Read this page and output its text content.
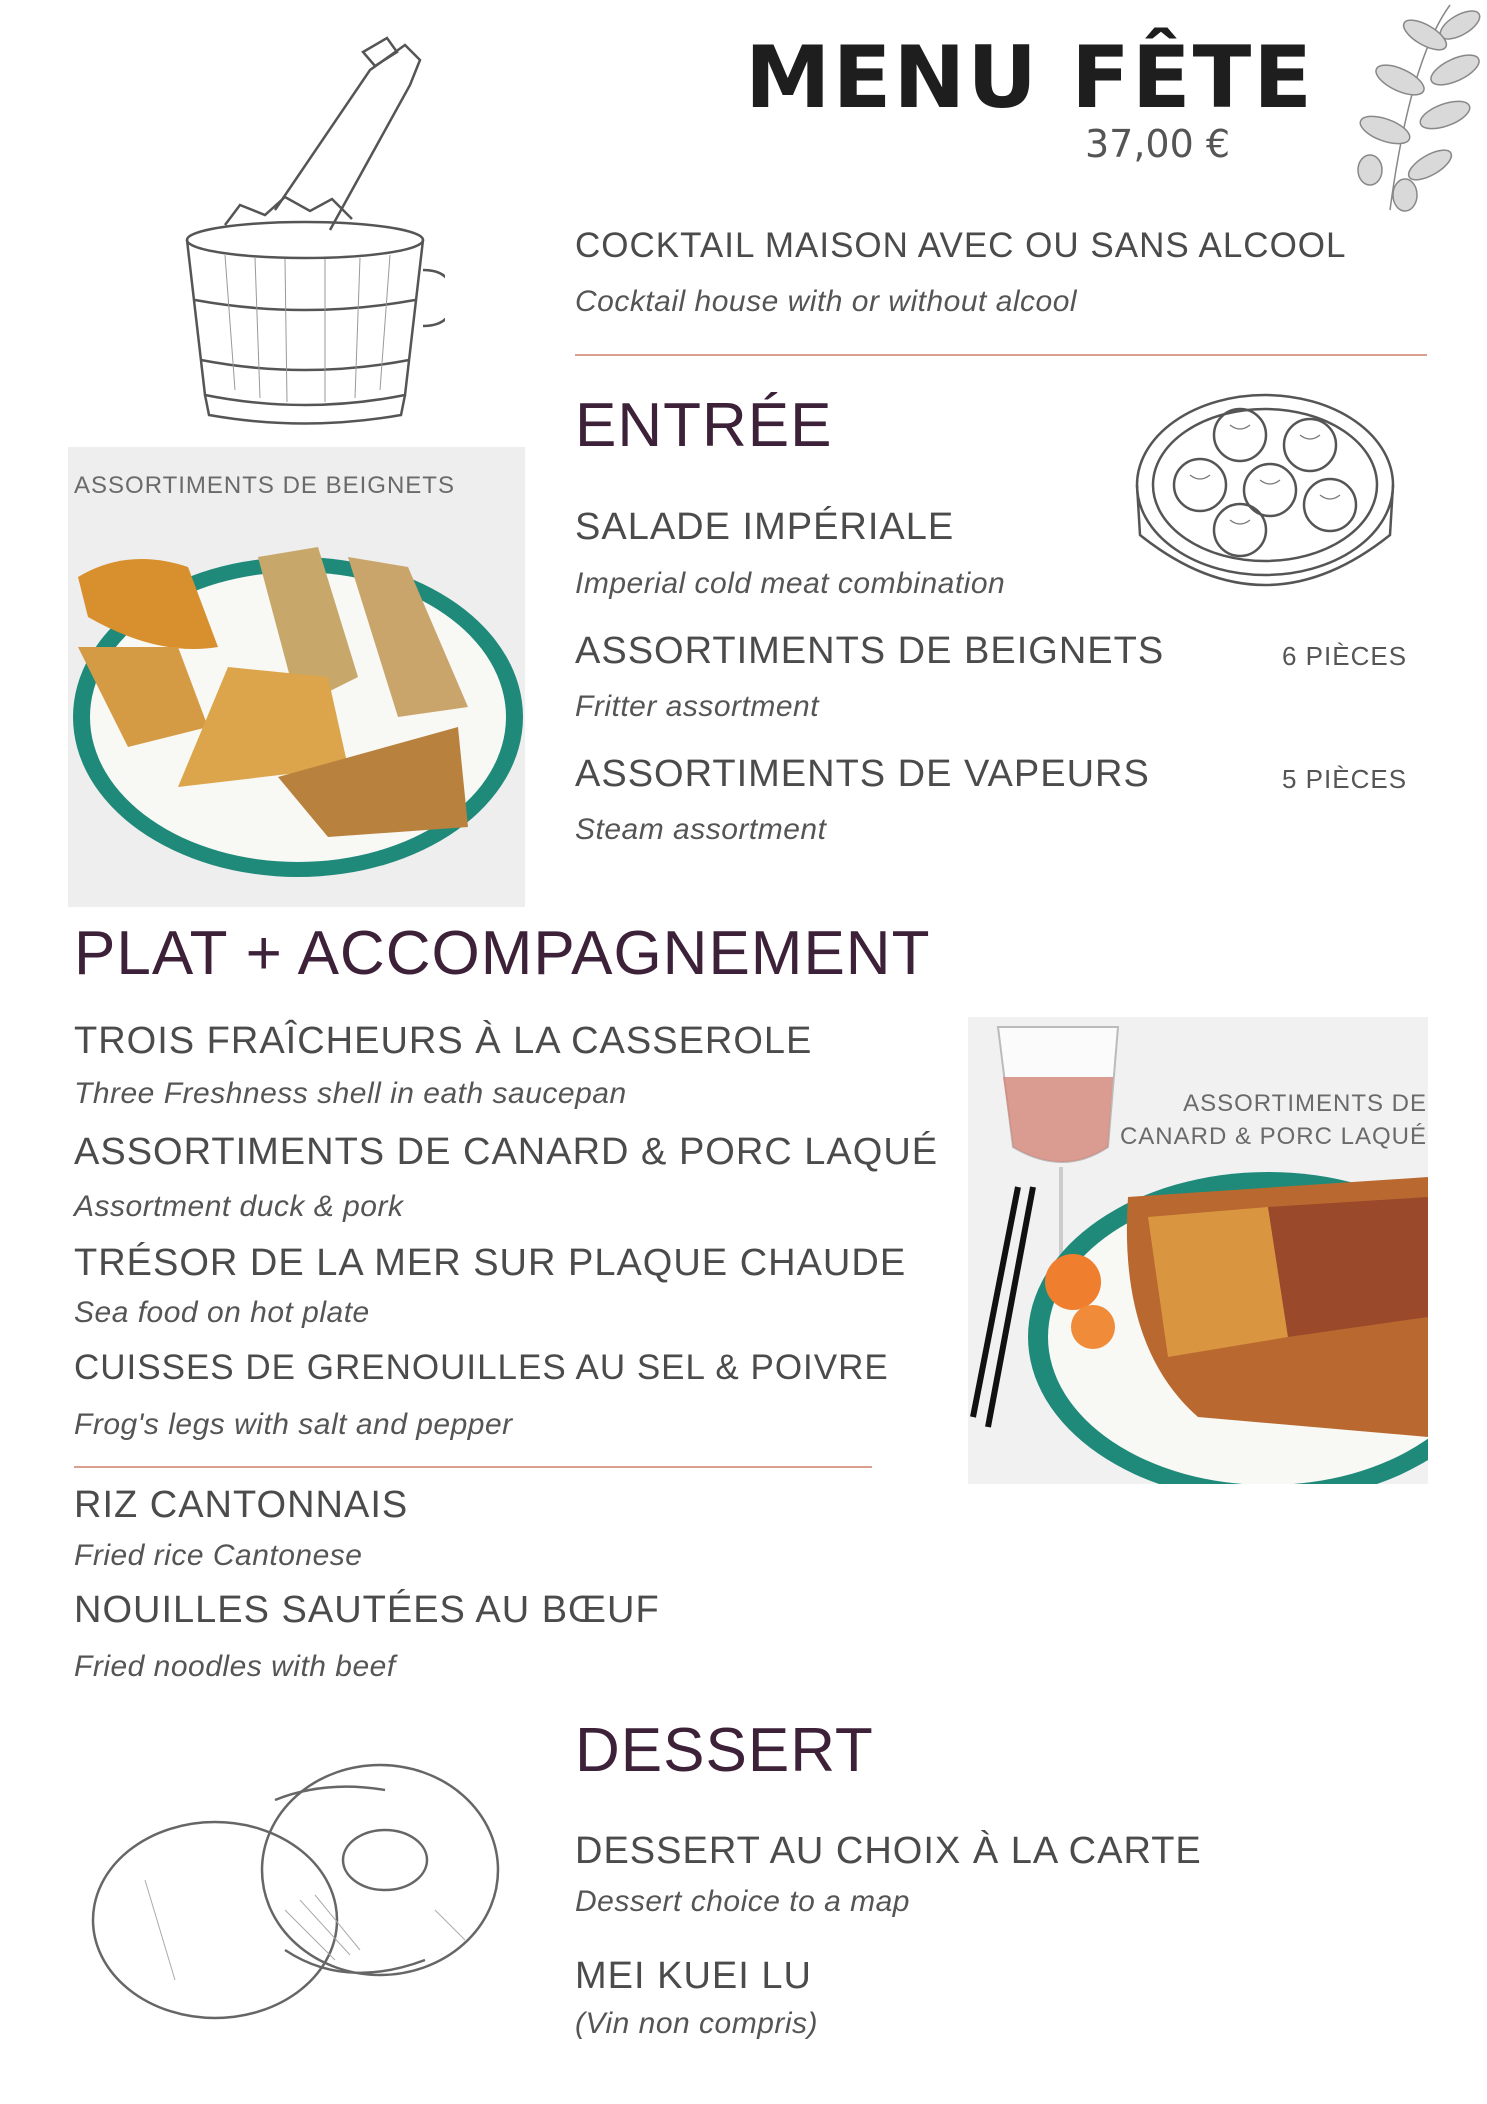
MENU FÊTE
37,00 €
COCKTAIL MAISON AVEC OU SANS ALCOOL
Cocktail house with or without alcool
ENTRÉE
ASSORTIMENTS DE BEIGNETS
SALADE IMPÉRIALE
Imperial cold meat combination
ASSORTIMENTS DE BEIGNETS	6 PIÈCES
Fritter assortment
ASSORTIMENTS DE VAPEURS	5 PIÈCES
Steam assortment
PLAT + ACCOMPAGNEMENT
TROIS FRAÎCHEURS À LA CASSEROLE
Three Freshness shell in eath saucepan
ASSORTIMENTS DE CANARD & PORC LAQUÉ
Assortment duck & pork
TRÉSOR DE LA MER SUR PLAQUE CHAUDE
Sea food on hot plate
CUISSES DE GRENOUILLES AU SEL & POIVRE
Frog's legs with salt and pepper
RIZ CANTONNAIS
Fried rice Cantonese
NOUILLES SAUTÉES AU BŒUF
Fried noodles with beef
ASSORTIMENTS DE
CANARD & PORC LAQUÉ
DESSERT
DESSERT AU CHOIX À LA CARTE
Dessert choice to a map
MEI KUEI LU
(Vin non compris)
